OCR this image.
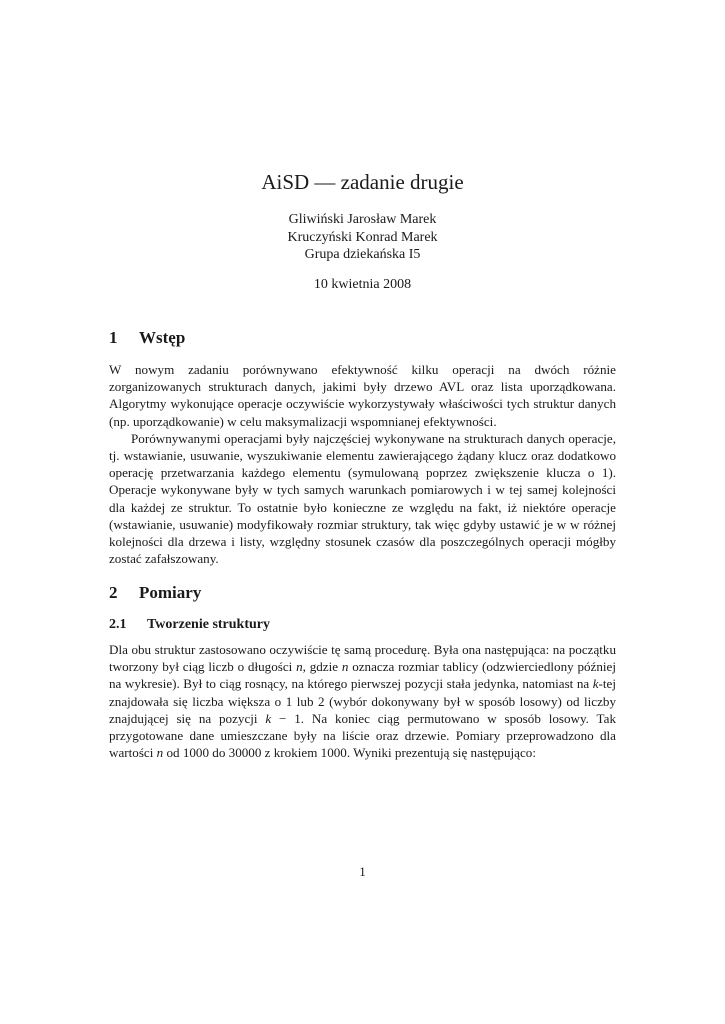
AiSD — zadanie drugie
Gliwiński Jarosław Marek
Kruczyński Konrad Marek
Grupa dziekańska I5
10 kwietnia 2008
1 Wstęp

W nowym zadaniu porównywano efektywność kilku operacji na dwóch różnie zorganizowanych strukturach danych, jakimi były drzewo AVL oraz lista uporządkowana. Algorytmy wykonujące operacje oczywiście wykorzystywały właściwości tych struktur danych (np. uporządkowanie) w celu maksymalizacji wspomnianej efektywności.

Porównywanymi operacjami były najczęściej wykonywane na strukturach danych operacje, tj. wstawianie, usuwanie, wyszukiwanie elementu zawierającego żądany klucz oraz dodatkowo operację przetwarzania każdego elementu (symulowaną poprzez zwiększenie klucza o 1). Operacje wykonywane były w tych samych warunkach pomiarowych i w tej samej kolejności dla każdej ze struktur. To ostatnie było konieczne ze względu na fakt, iż niektóre operacje (wstawianie, usuwanie) modyfikowały rozmiar struktury, tak więc gdyby ustawić je w w różnej kolejności dla drzewa i listy, względny stosunek czasów dla poszczególnych operacji mógłby zostać zafałszowany.

2 Pomiary
2.1 Tworzenie struktury

Dla obu struktur zastosowano oczywiście tę samą procedurę. Była ona następująca: na początku tworzony był ciąg liczb o długości n, gdzie n oznacza rozmiar tablicy (odzwierciedlony później na wykresie). Był to ciąg rosnący, na którego pierwszej pozycji stała jedynka, natomiast na k-tej znajdowała się liczba większa o 1 lub 2 (wybór dokonywany był w sposób losowy) od liczby znajdującej się na pozycji k − 1. Na koniec ciąg permutowano w sposób losowy. Tak przygotowane dane umieszczane były na liście oraz drzewie. Pomiary przeprowadzono dla wartości n od 1000 do 30000 z krokiem 1000. Wyniki prezentują się następująco:

1
